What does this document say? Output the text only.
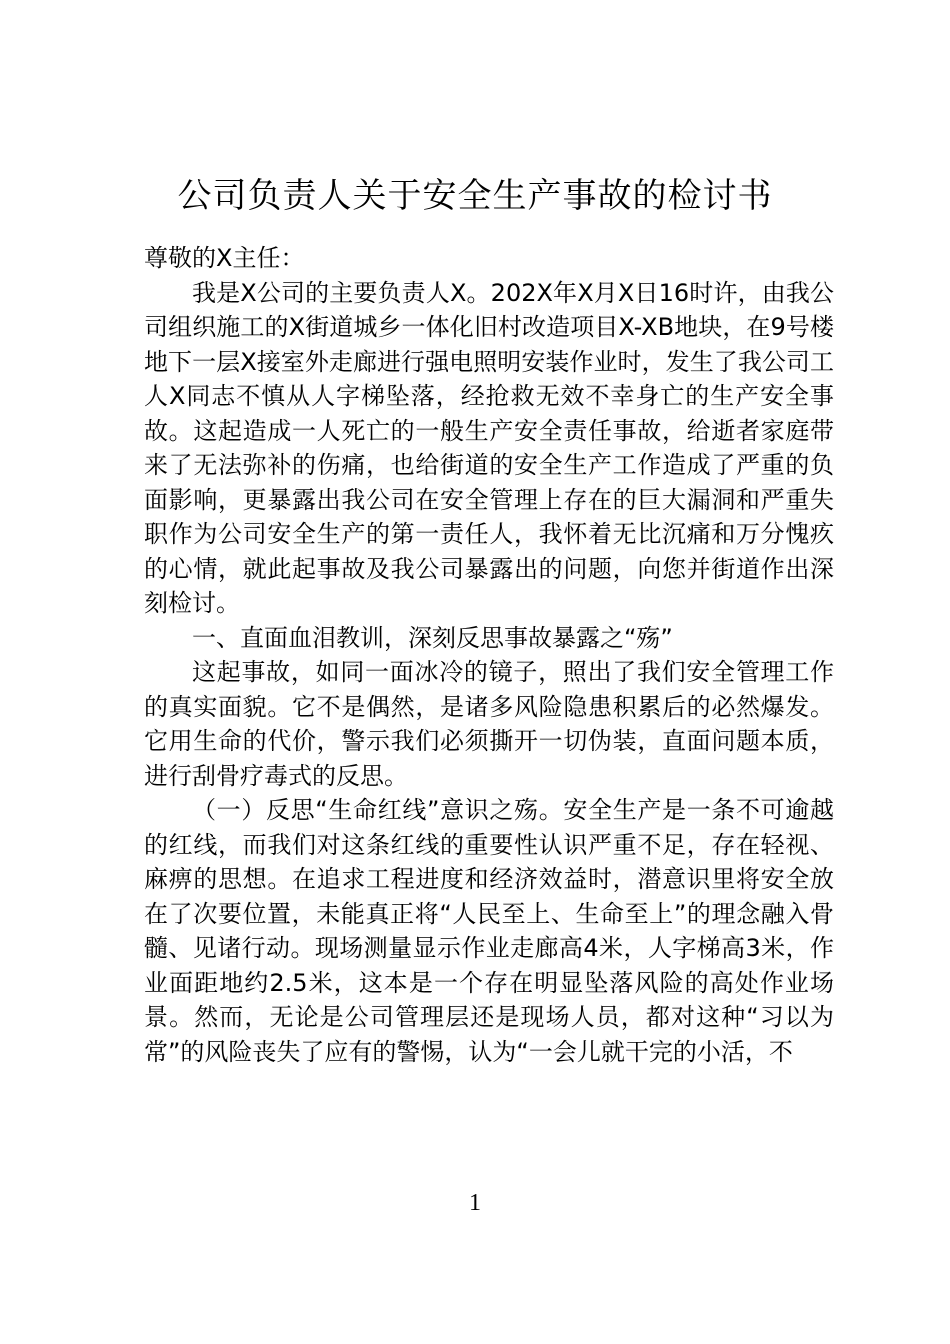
公司负责人关于安全生产事故的检讨书

尊敬的X主任：

我是X公司的主要负责人X。202X年X月X日16时许，由我公司组织施工的X街道城乡一体化旧村改造项目X-XB地块，在9号楼地下一层X接室外走廊进行强电照明安装作业时，发生了我公司工人X同志不慎从人字梯坠落，经抢救无效不幸身亡的生产安全事故。这起造成一人死亡的一般生产安全责任事故，给逝者家庭带来了无法弥补的伤痛，也给街道的安全生产工作造成了严重的负面影响，更暴露出我公司在安全管理上存在的巨大漏洞和严重失职作为公司安全生产的第一责任人，我怀着无比沉痛和万分愧疚的心情，就此起事故及我公司暴露出的问题，向您并街道作出深刻检讨。

一、直面血泪教训，深刻反思事故暴露之“殇”

这起事故，如同一面冰冷的镜子，照出了我们安全管理工作的真实面貌。它不是偶然，是诸多风险隐患积累后的必然爆发。它用生命的代价，警示我们必须撕开一切伪装，直面问题本质，进行刮骨疗毒式的反思。

（一）反思“生命红线”意识之殇。安全生产是一条不可逾越的红线，而我们对这条红线的重要性认识严重不足，存在轻视、麻痹的思想。在追求工程进度和经济效益时，潜意识里将安全放在了次要位置，未能真正将“人民至上、生命至上”的理念融入骨髓、见诸行动。现场测量显示作业走廊高4米，人字梯高3米，作业面距地约2.5米，这本是一个存在明显坠落风险的高处作业场景。然而，无论是公司管理层还是现场人员，都对这种“习以为常”的风险丧失了应有的警惕，认为“一会儿就干完的小活，不

1
